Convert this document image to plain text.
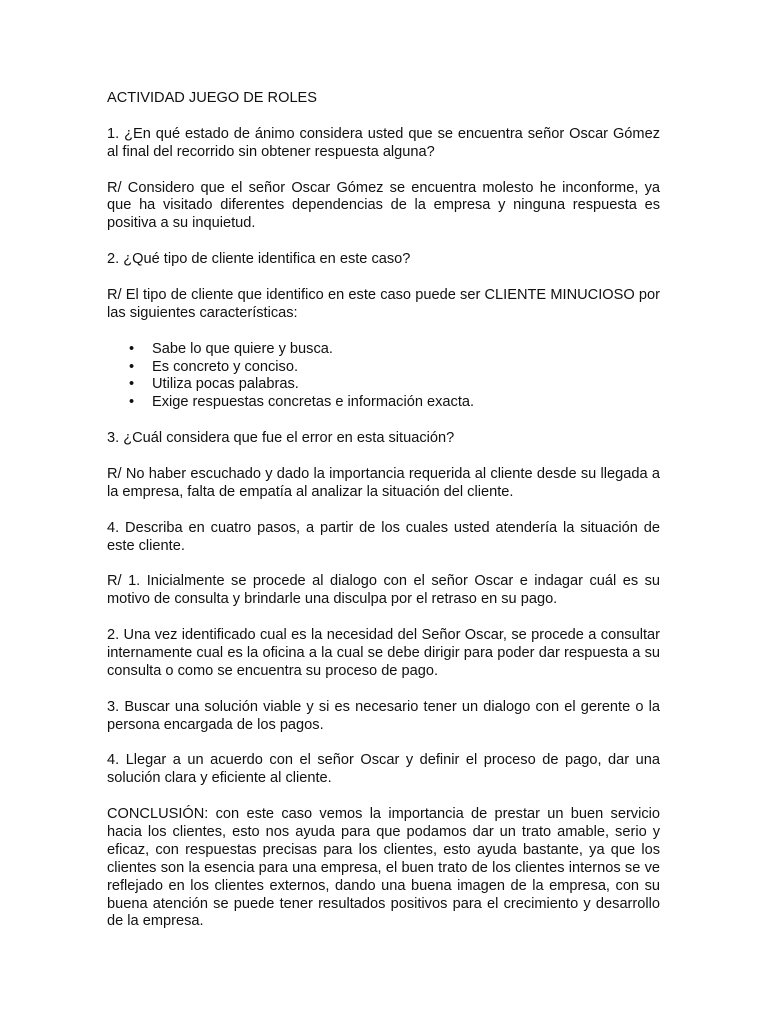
ACTIVIDAD JUEGO DE ROLES

1. ¿En qué estado de ánimo considera usted que se encuentra señor Oscar Gómez al final del recorrido sin obtener respuesta alguna?

R/ Considero que el señor Oscar Gómez se encuentra molesto he inconforme, ya que ha visitado diferentes dependencias de la empresa y ninguna respuesta es positiva a su inquietud.

2. ¿Qué tipo de cliente identifica en este caso?

R/ El tipo de cliente que identifico en este caso puede ser CLIENTE MINUCIOSO por las siguientes características:

• Sabe lo que quiere y busca.
• Es concreto y conciso.
• Utiliza pocas palabras.
• Exige respuestas concretas e información exacta.

3. ¿Cuál considera que fue el error en esta situación?

R/ No haber escuchado y dado la importancia requerida al cliente desde su llegada a la empresa, falta de empatía al analizar la situación del cliente.

4. Describa en cuatro pasos, a partir de los cuales usted atendería la situación de este cliente.

R/ 1. Inicialmente se procede al dialogo con el señor Oscar e indagar cuál es su motivo de consulta y brindarle una disculpa por el retraso en su pago.

2. Una vez identificado cual es la necesidad del Señor Oscar, se procede a consultar internamente cual es la oficina a la cual se debe dirigir para poder dar respuesta a su consulta o como se encuentra su proceso de pago.

3. Buscar una solución viable y si es necesario tener un dialogo con el gerente o la persona encargada de los pagos.

4. Llegar a un acuerdo con el señor Oscar y definir el proceso de pago, dar una solución clara y eficiente al cliente.

CONCLUSIÓN: con este caso vemos la importancia de prestar un buen servicio hacia los clientes, esto nos ayuda para que podamos dar un trato amable, serio y eficaz, con respuestas precisas para los clientes, esto ayuda bastante, ya que los clientes son la esencia para una empresa, el buen trato de los clientes internos se ve reflejado en los clientes externos, dando una buena imagen de la empresa, con su buena atención se puede tener resultados positivos para el crecimiento y desarrollo de la empresa.
